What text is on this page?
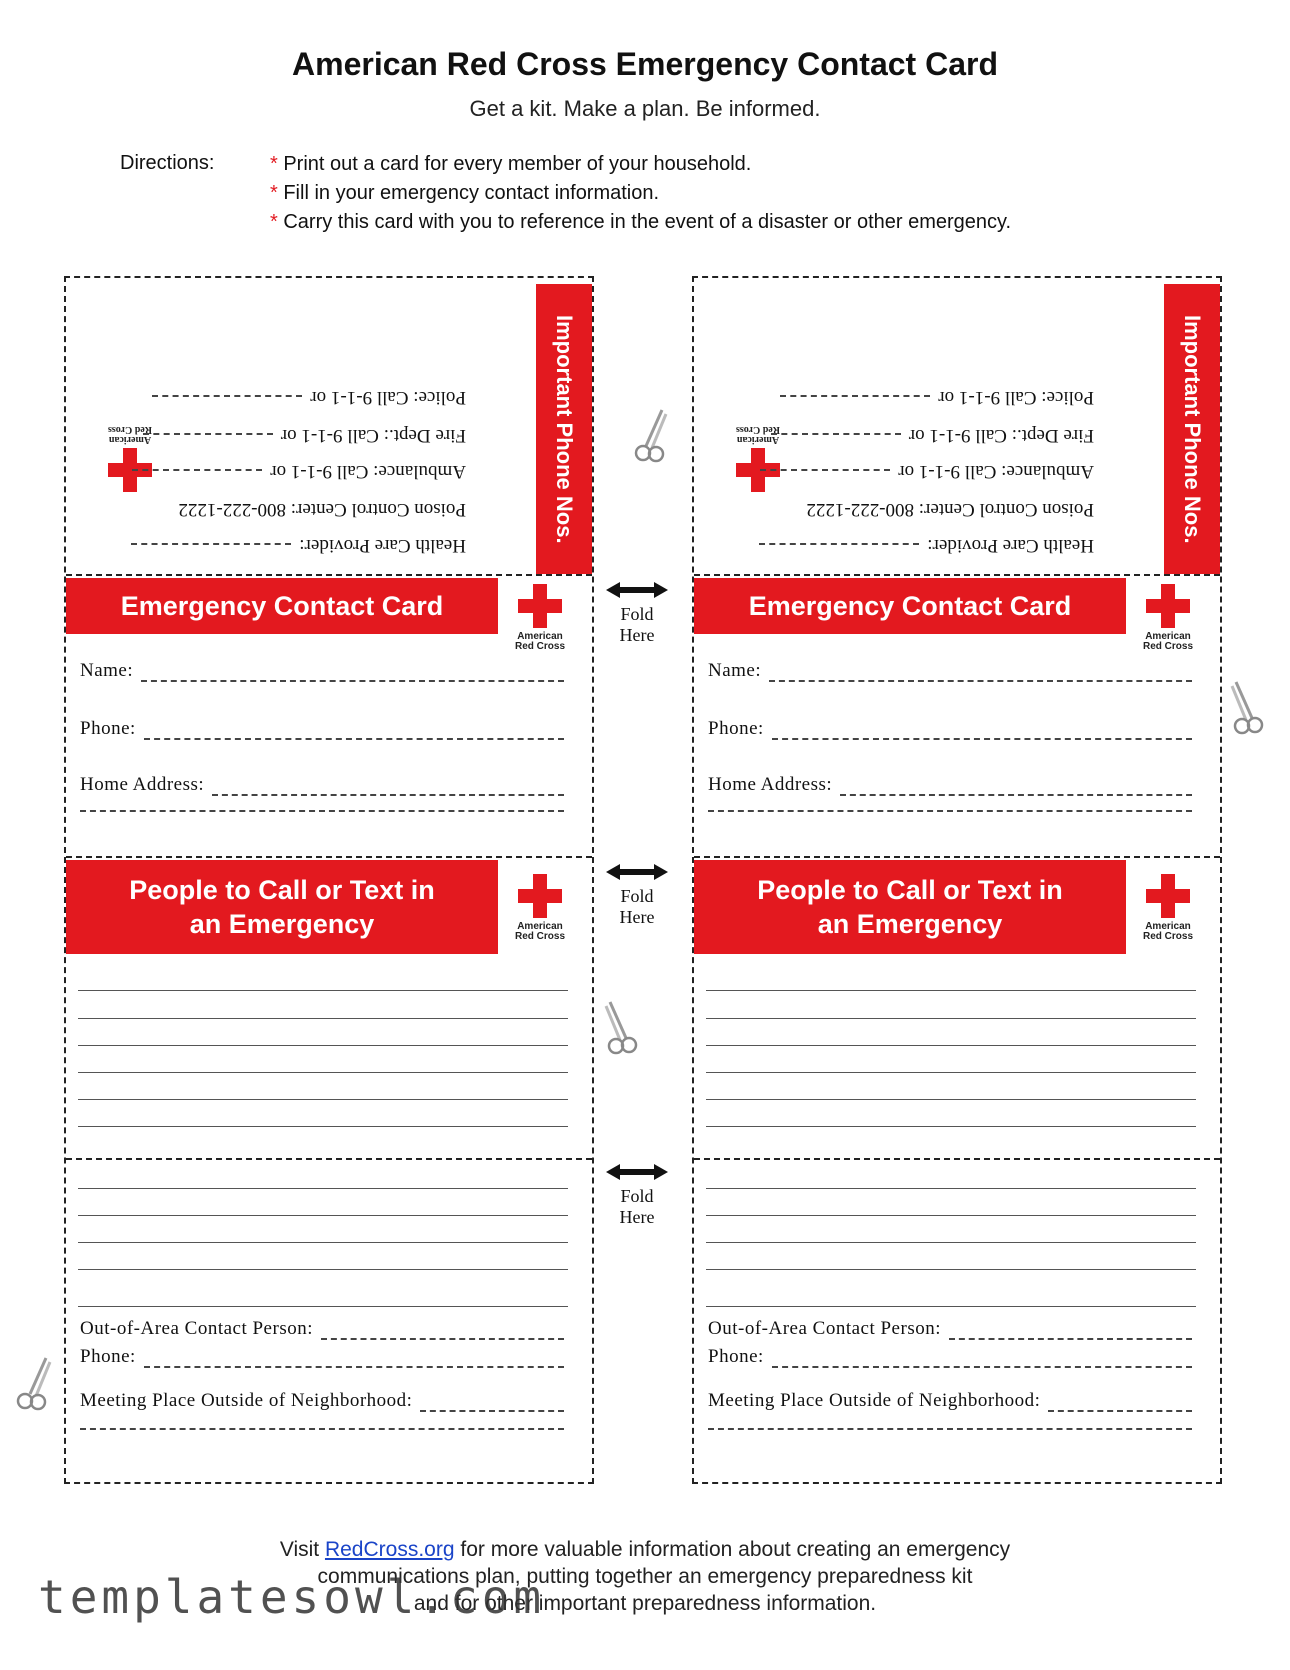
American Red Cross Emergency Contact Card
Get a kit. Make a plan. Be informed.
Directions:
*	Print out a card for every member of your household.
* Fill in your emergency contact information.
* Carry this card with you to reference in the event of a disaster or other emergency.
American
Red Cross
Police: Call 9-1-1 or
Fire Dept.: Call 9-1-1 or
Ambulance: Call 9-1-1 or
Poison Control Center: 800-222-1222
Health Care Provider:
Important Phone Nos.
Emergency Contact Card
American
Red Cross
Name:
Phone:
Home Address:
People to Call or Text in
an Emergency	American
Red Cross
Out-of-Area Contact Person:
Phone:
Meeting Place Outside of Neighborhood:
American
Red Cross
Police: Call 9-1-1 or
Fire Dept.: Call 9-1-1 or
Ambulance: Call 9-1-1 or
Poison Control Center: 800-222-1222
Health Care Provider:
Important Phone Nos.
Emergency Contact Card
American
Red Cross
Name:
Phone:
Home Address:
People to Call or Text in
an Emergency	American
Red Cross
Out-of-Area Contact Person:
Phone:
Meeting Place Outside of Neighborhood:
Fold
Here
Fold
Here
Fold
Here
Visit RedCross.org for more valuable information about creating an emergency
communications plan, putting together an emergency preparedness kit
and for other important preparedness information.
templatesowl.com
